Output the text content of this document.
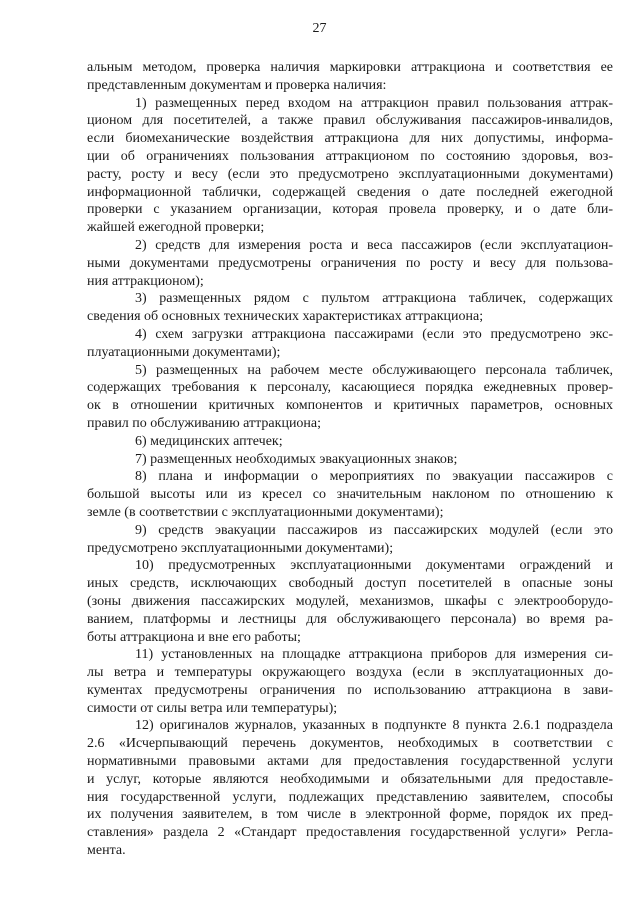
27
альным методом, проверка наличия маркировки аттракциона и соответствия ее
представленным документам и проверка наличия:
1) размещенных перед входом на аттракцион правил пользования аттрак-
ционом для посетителей, а также правил обслуживания пассажиров-инвалидов,
если биомеханические воздействия аттракциона для них допустимы, информа-
ции об ограничениях пользования аттракционом по состоянию здоровья, воз-
расту, росту и весу (если это предусмотрено эксплуатационными документами)
информационной таблички, содержащей сведения о дате последней ежегодной
проверки с указанием организации, которая провела проверку, и о дате бли-
жайшей ежегодной проверки;
2) средств для измерения роста и веса пассажиров (если эксплуатацион-
ными документами предусмотрены ограничения по росту и весу для пользова-
ния аттракционом);
3) размещенных рядом с пультом аттракциона табличек, содержащих
сведения об основных технических характеристиках аттракциона;
4) схем загрузки аттракциона пассажирами (если это предусмотрено экс-
плуатационными документами);
5) размещенных на рабочем месте обслуживающего персонала табличек,
содержащих требования к персоналу, касающиеся порядка ежедневных провер-
ок в отношении критичных компонентов и критичных параметров, основных
правил по обслуживанию аттракциона;
6) медицинских аптечек;
7) размещенных необходимых эвакуационных знаков;
8) плана и информации о мероприятиях по эвакуации пассажиров с
большой высоты или из кресел со значительным наклоном по отношению к
земле (в соответствии с эксплуатационными документами);
9) средств эвакуации пассажиров из пассажирских модулей (если это
предусмотрено эксплуатационными документами);
10) предусмотренных эксплуатационными документами ограждений и
иных средств, исключающих свободный доступ посетителей в опасные зоны
(зоны движения пассажирских модулей, механизмов, шкафы с электрооборудо-
ванием, платформы и лестницы для обслуживающего персонала) во время ра-
боты аттракциона и вне его работы;
11) установленных на площадке аттракциона приборов для измерения си-
лы ветра и температуры окружающего воздуха (если в эксплуатационных до-
кументах предусмотрены ограничения по использованию аттракциона в зави-
симости от силы ветра или температуры);
12) оригиналов журналов, указанных в подпункте 8 пункта 2.6.1 подраздела
2.6 «Исчерпывающий перечень документов, необходимых в соответствии с
нормативными правовыми актами для предоставления государственной услуги
и услуг, которые являются необходимыми и обязательными для предоставле-
ния государственной услуги, подлежащих представлению заявителем, способы
их получения заявителем, в том числе в электронной форме, порядок их пред-
ставления» раздела 2 «Стандарт предоставления государственной услуги» Регла-
мента.
